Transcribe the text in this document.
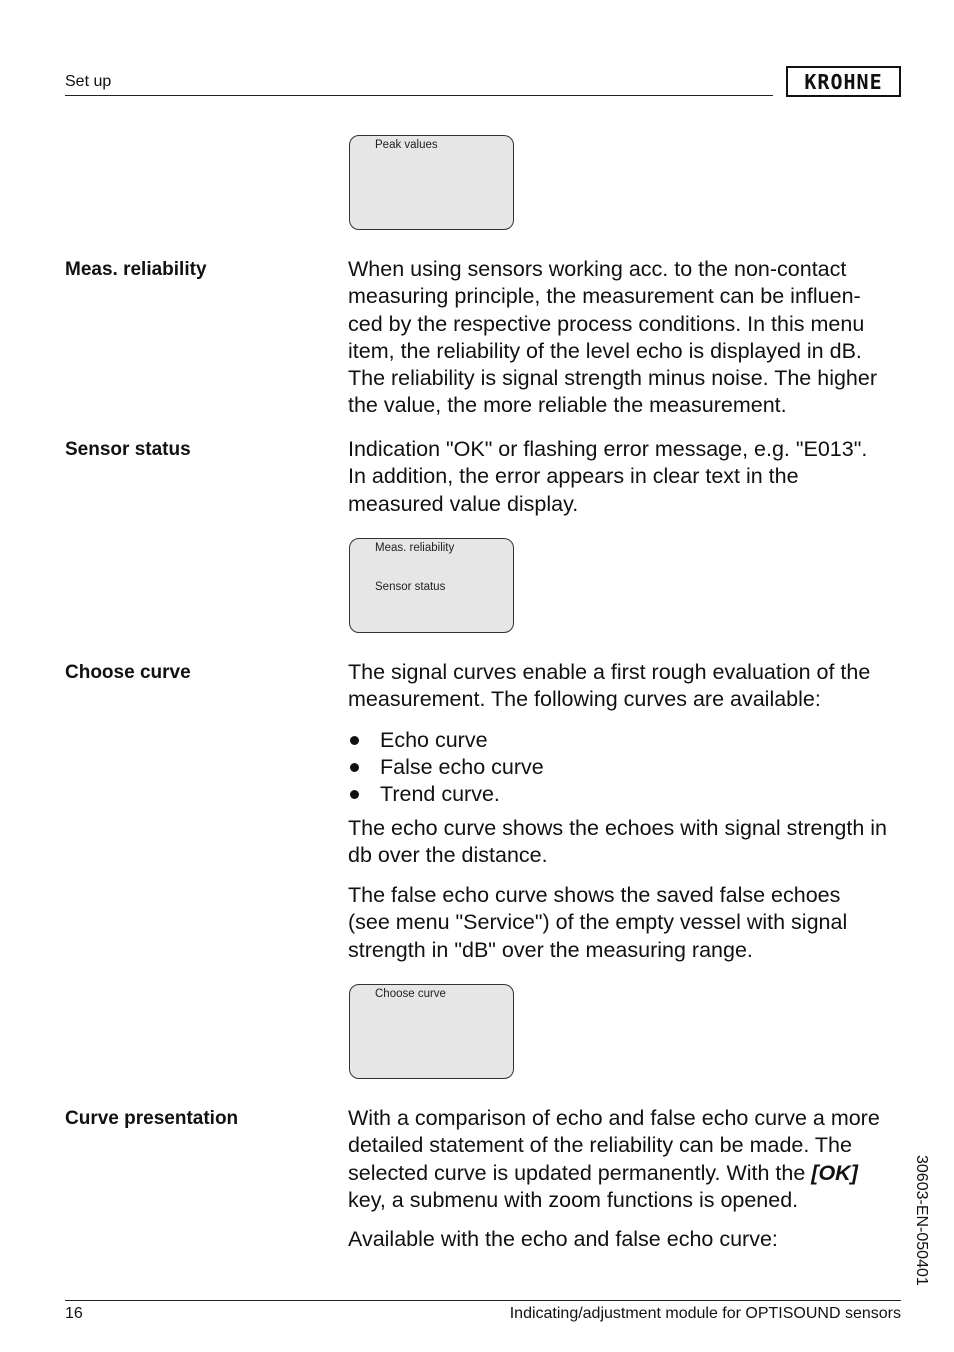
Set up	KROHNE
Peak values
Meas. reliability	When using sensors working acc. to the non-contact

measuring principle, the measurement can be influen-

ced by the respective process conditions. In this menu

item, the reliability of the level echo is displayed in dB.

The reliability is signal strength minus noise. The higher

the value, the more reliable the measurement.

Sensor status	Indication "OK" or flashing error message, e.g. "E013".

In addition, the error appears in clear text in the

measured value display.

Meas. reliability
Sensor status
Choose curve	The signal curves enable a first rough evaluation of the

measurement. The following curves are available:

Echo curve
False echo curve
Trend curve.

The echo curve shows the echoes with signal strength in

db over the distance.

The false echo curve shows the saved false echoes

(see menu "Service") of the empty vessel with signal

strength in "dB" over the measuring range.

Choose curve
Curve presentation	With a comparison of echo and false echo curve a more

detailed statement of the reliability can be made. The

selected curve is updated permanently. With the [OK]

key, a submenu with zoom functions is opened.

Available with the echo and false echo curve:	30603-EN-050401
16	Indicating/adjustment module for OPTISOUND sensors
